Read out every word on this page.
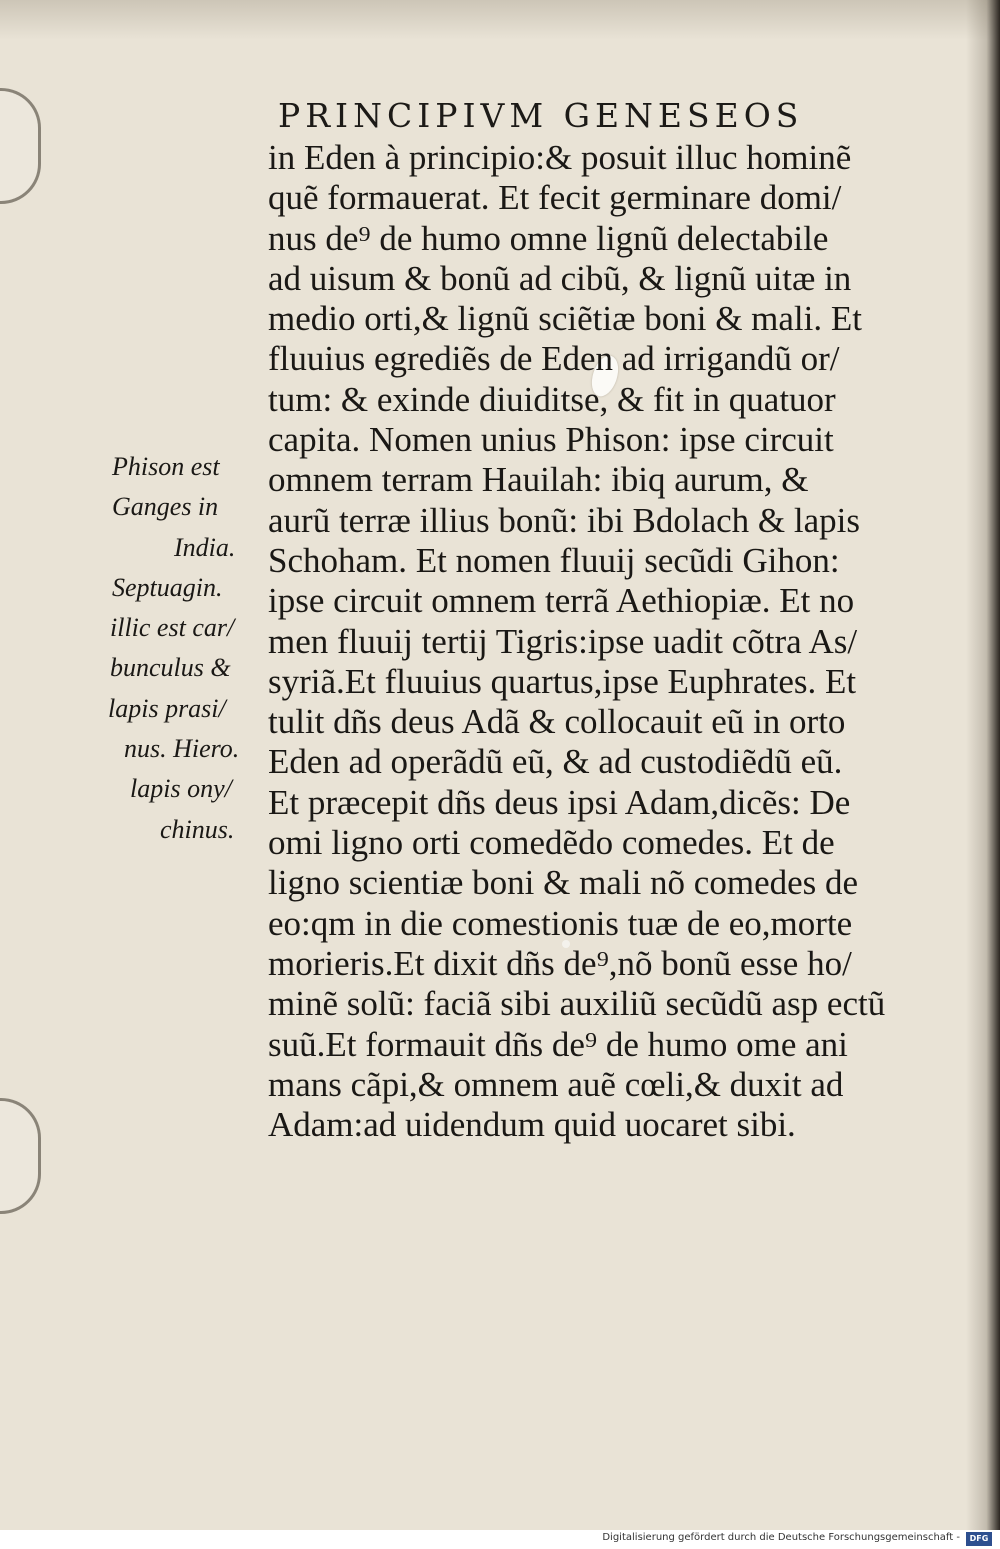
PRINCIPIVM GENESEOS
in Eden à principio:& posuit illuc hominẽ
quẽ formauerat. Et fecit germinare domi/
nus de⁹ de humo omne lignũ delectabile
ad uisum & bonũ ad cibũ, & lignũ uitæ in
medio orti,& lignũ sciẽtiæ boni & mali. Et
fluuius egrediẽs de Eden ad irrigandũ or/
tum: & exinde diuiditse, & fit in quatuor
capita. Nomen unius Phison: ipse circuit
omnem terram Hauilah: ibiq aurum, &
aurũ terræ illius bonũ: ibi Bdolach & lapis
Schoham. Et nomen fluuij secũdi Gihon:
ipse circuit omnem terrã Aethiopiæ. Et no
men fluuij tertij Tigris:ipse uadit cõtra As/
syriã.Et fluuius quartus,ipse Euphrates. Et
tulit dñs deus Adã & collocauit eũ in orto
Eden ad operãdũ eũ, & ad custodiẽdũ eũ.
Et præcepit dñs deus ipsi Adam,dicẽs: De
omi ligno orti comedẽdo comedes. Et de
ligno scientiæ boni & mali nõ comedes de
eo:qm in die comestionis tuæ de eo,morte
morieris.Et dixit dñs de⁹,nõ bonũ esse ho/
minẽ solũ: faciã sibi auxiliũ secũdũ asp ectũ
suũ.Et formauit dñs de⁹ de humo ome ani
mans cãpi,& omnem auẽ cœli,& duxit ad
Adam:ad uidendum quid uocaret sibi.
Phison est
Ganges in
India.
Septuagin.
illic est car/
bunculus &
lapis prasi/
nus. Hiero.
lapis ony/
chinus.
Digitalisierung gefördert durch die Deutsche Forschungsgemeinschaft -	DFG
